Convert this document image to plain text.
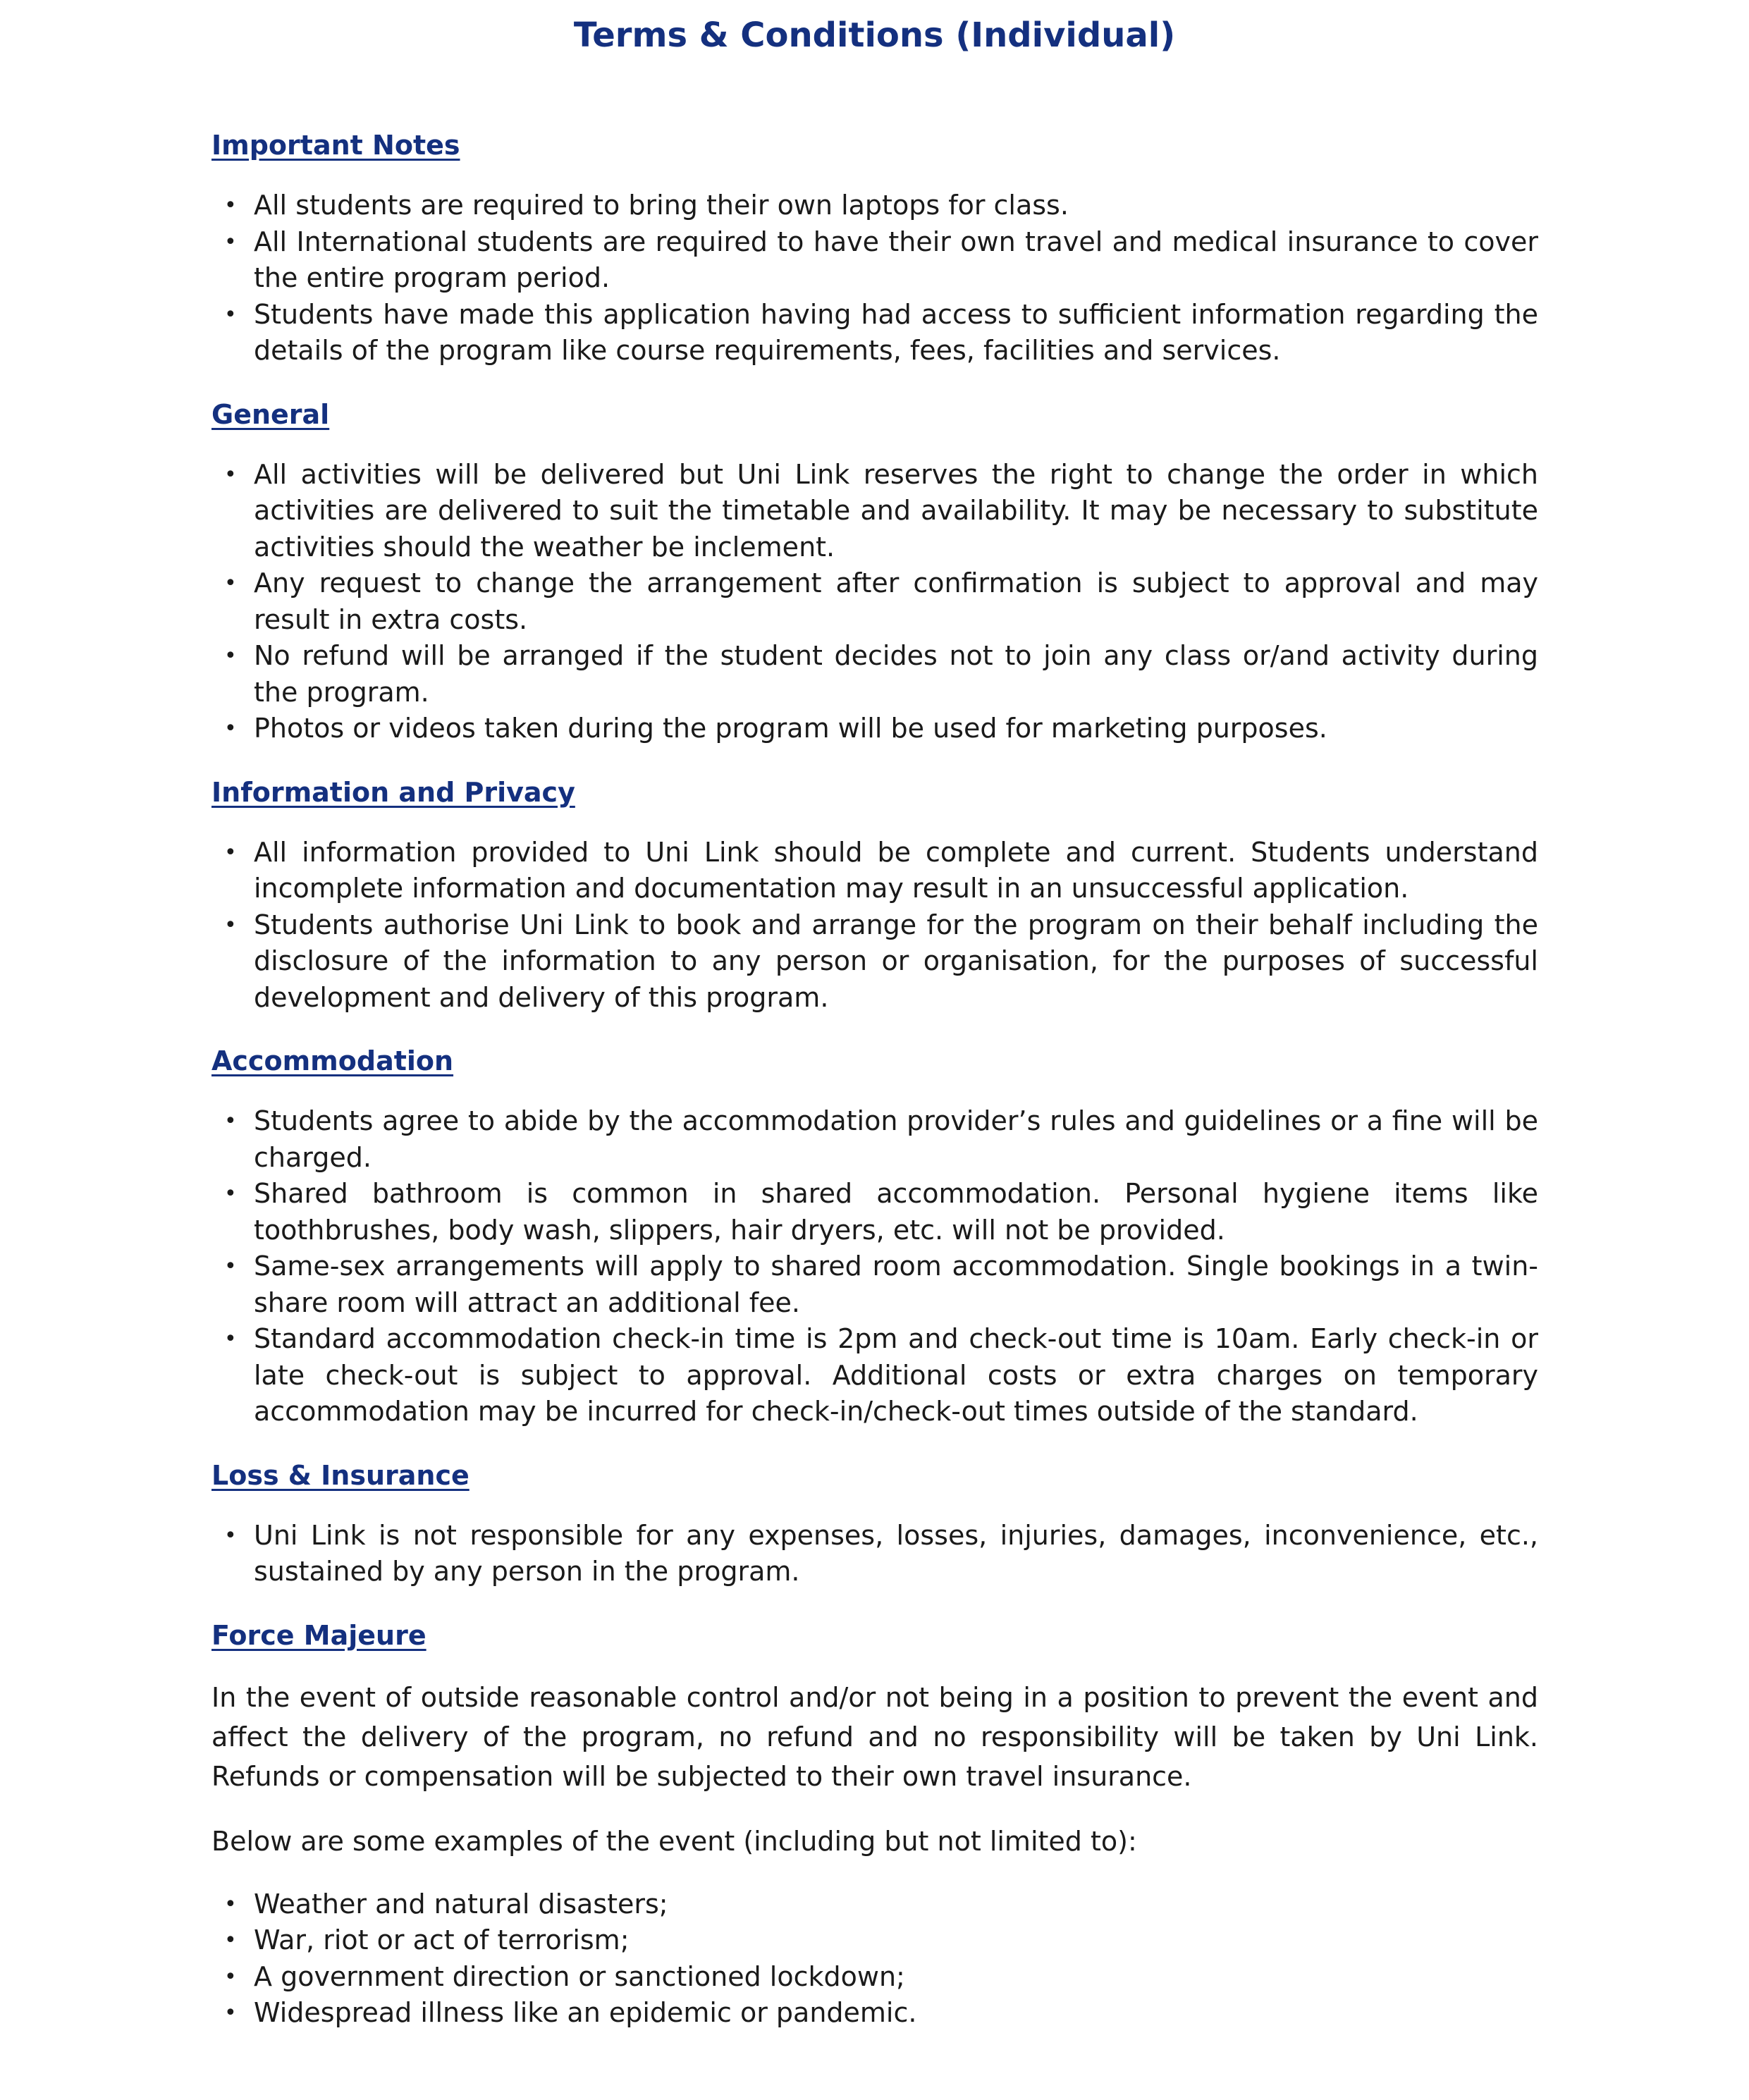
Terms & Conditions (Individual)
Important Notes
• All students are required to bring their own laptops for class.
• All International students are required to have their own travel and medical insurance to cover the entire program period.
• Students have made this application having had access to sufficient information regarding the details of the program like course requirements, fees, facilities and services.
General
• All activities will be delivered but Uni Link reserves the right to change the order in which activities are delivered to suit the timetable and availability. It may be necessary to substitute activities should the weather be inclement.
• Any request to change the arrangement after confirmation is subject to approval and may result in extra costs.
• No refund will be arranged if the student decides not to join any class or/and activity during the program.
• Photos or videos taken during the program will be used for marketing purposes.
Information and Privacy
• All information provided to Uni Link should be complete and current. Students understand incomplete information and documentation may result in an unsuccessful application.
• Students authorise Uni Link to book and arrange for the program on their behalf including the disclosure of the information to any person or organisation, for the purposes of successful development and delivery of this program.
Accommodation
• Students agree to abide by the accommodation provider’s rules and guidelines or a fine will be charged.
• Shared bathroom is common in shared accommodation. Personal hygiene items like toothbrushes, body wash, slippers, hair dryers, etc. will not be provided.
• Same-sex arrangements will apply to shared room accommodation. Single bookings in a twin-share room will attract an additional fee.
• Standard accommodation check-in time is 2pm and check-out time is 10am. Early check-in or late check-out is subject to approval. Additional costs or extra charges on temporary accommodation may be incurred for check-in/check-out times outside of the standard.
Loss & Insurance
• Uni Link is not responsible for any expenses, losses, injuries, damages, inconvenience, etc., sustained by any person in the program.
Force Majeure

In the event of outside reasonable control and/or not being in a position to prevent the event and affect the delivery of the program, no refund and no responsibility will be taken by Uni Link. Refunds or compensation will be subjected to their own travel insurance.

Below are some examples of the event (including but not limited to):

• Weather and natural disasters;
• War, riot or act of terrorism;
• A government direction or sanctioned lockdown;
• Widespread illness like an epidemic or pandemic.
